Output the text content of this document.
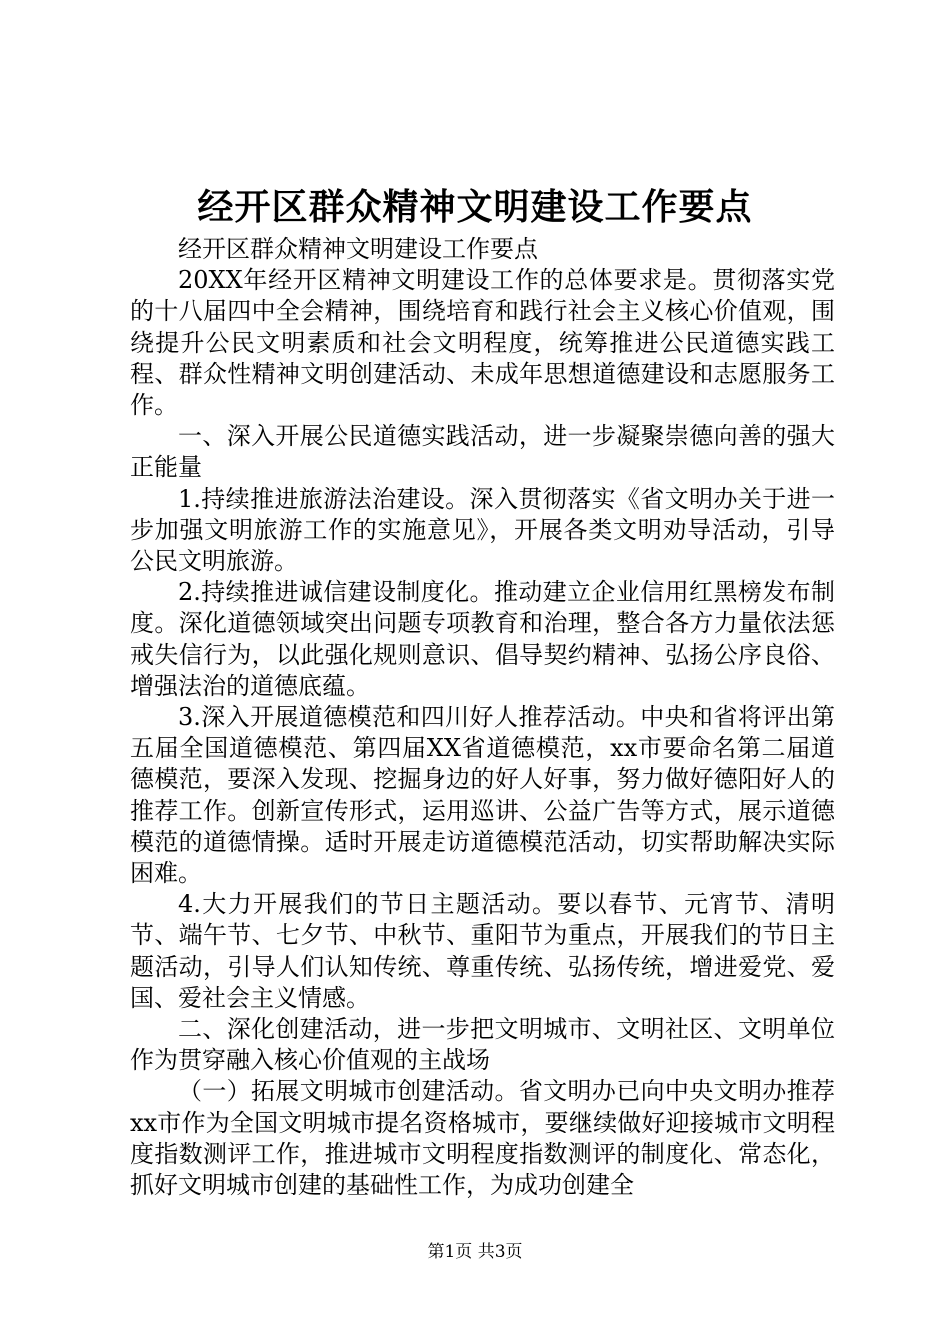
经开区群众精神文明建设工作要点

经开区群众精神文明建设工作要点

20XX年经开区精神文明建设工作的总体要求是。贯彻落实党的十八届四中全会精神，围绕培育和践行社会主义核心价值观，围绕提升公民文明素质和社会文明程度，统筹推进公民道德实践工程、群众性精神文明创建活动、未成年思想道德建设和志愿服务工作。

一、深入开展公民道德实践活动，进一步凝聚崇德向善的强大正能量

1.持续推进旅游法治建设。深入贯彻落实《省文明办关于进一步加强文明旅游工作的实施意见》，开展各类文明劝导活动，引导公民文明旅游。

2.持续推进诚信建设制度化。推动建立企业信用红黑榜发布制度。深化道德领域突出问题专项教育和治理，整合各方力量依法惩戒失信行为，以此强化规则意识、倡导契约精神、弘扬公序良俗、增强法治的道德底蕴。

3.深入开展道德模范和四川好人推荐活动。中央和省将评出第五届全国道德模范、第四届XX省道德模范，xx市要命名第二届道德模范，要深入发现、挖掘身边的好人好事，努力做好德阳好人的推荐工作。创新宣传形式，运用巡讲、公益广告等方式，展示道德模范的道德情操。适时开展走访道德模范活动，切实帮助解决实际困难。

4.大力开展我们的节日主题活动。要以春节、元宵节、清明节、端午节、七夕节、中秋节、重阳节为重点，开展我们的节日主题活动，引导人们认知传统、尊重传统、弘扬传统，增进爱党、爱国、爱社会主义情感。

二、深化创建活动，进一步把文明城市、文明社区、文明单位作为贯穿融入核心价值观的主战场

（一）拓展文明城市创建活动。省文明办已向中央文明办推荐xx市作为全国文明城市提名资格城市，要继续做好迎接城市文明程度指数测评工作，推进城市文明程度指数测评的制度化、常态化，抓好文明城市创建的基础性工作，为成功创建全

第1页 共3页
